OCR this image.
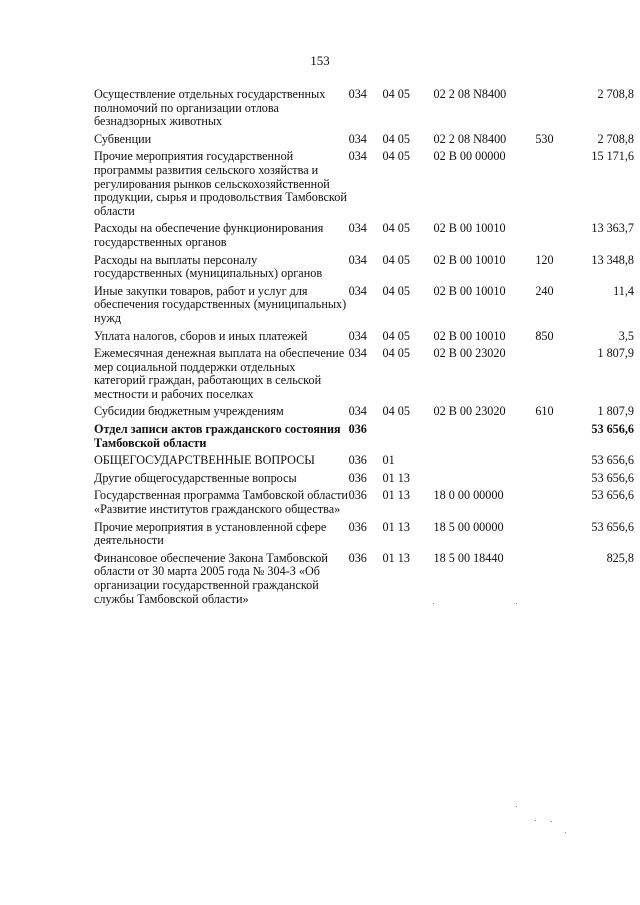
153
Осуществление отдельных государственных полномочий по организации отлова безнадзорных животных	034	04 05	02 2 08 N8400		2 708,8
Субвенции	034	04 05	02 2 08 N8400	530	2 708,8
Прочие мероприятия государственной программы развития сельского хозяйства и регулирования рынков сельскохозяйственной продукции, сырья и продовольствия Тамбовской области	034	04 05	02 В 00 00000		15 171,6
Расходы на обеспечение функционирования государственных органов	034	04 05	02 В 00 10010		13 363,7
Расходы на выплаты персоналу государственных (муниципальных) органов	034	04 05	02 В 00 10010	120	13 348,8
Иные закупки товаров, работ и услуг для обеспечения государственных (муниципальных) нужд	034	04 05	02 В 00 10010	240	11,4
Уплата налогов, сборов и иных платежей	034	04 05	02 В 00 10010	850	3,5
Ежемесячная денежная выплата на обеспечение мер социальной поддержки отдельных категорий граждан, работающих в сельской местности и рабочих поселках	034	04 05	02 В 00 23020		1 807,9
Субсидии бюджетным учреждениям	034	04 05	02 В 00 23020	610	1 807,9
Отдел записи актов гражданского состояния Тамбовской области	036				53 656,6
ОБЩЕГОСУДАРСТВЕННЫЕ ВОПРОСЫ	036	01			53 656,6
Другие общегосударственные вопросы	036	01 13			53 656,6
Государственная программа Тамбовской области «Развитие институтов гражданского общества»	036	01 13	18 0 00 00000		53 656,6
Прочие мероприятия в установленной сфере деятельности	036	01 13	18 5 00 00000		53 656,6
Финансовое обеспечение Закона Тамбовской области от 30 марта 2005 года № 304-З «Об организации государственной гражданской службы Тамбовской области»	036	01 13	18 5 00 18440		825,8
